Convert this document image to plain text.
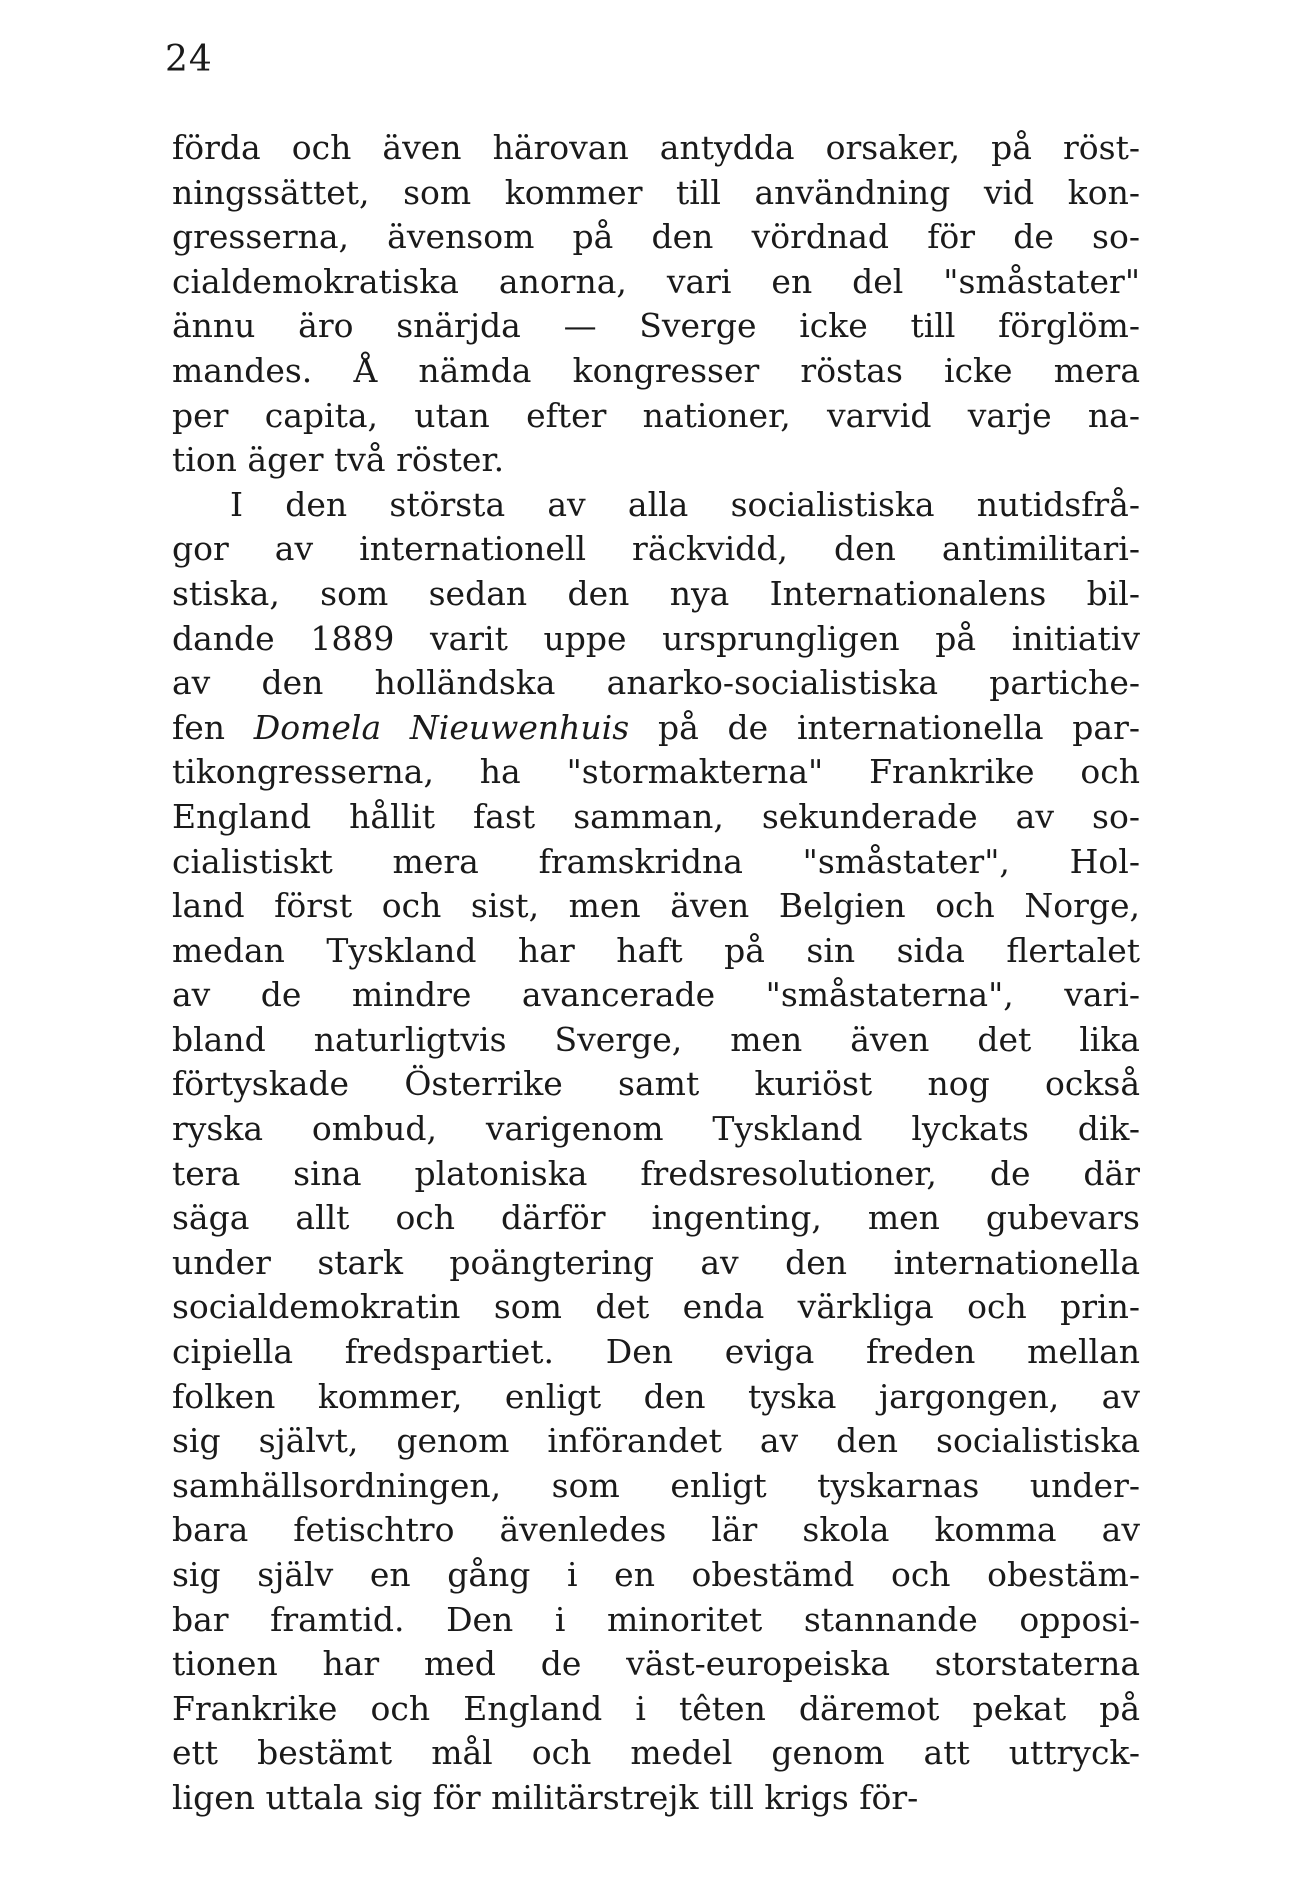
24
förda och även härovan antydda orsaker, på röst-
ningssättet, som kommer till användning vid kon-
gresserna, ävensom på den vördnad för de so-
cialdemokratiska anorna, vari en del "småstater"
ännu äro snärjda — Sverge icke till förglöm-
mandes. Å nämda kongresser röstas icke mera
per capita, utan efter nationer, varvid varje na-
tion äger två röster.
I den största av alla socialistiska nutidsfrå-
gor av internationell räckvidd, den antimilitari-
stiska, som sedan den nya Internationalens bil-
dande 1889 varit uppe ursprungligen på initiativ
av den holländska anarko-socialistiska partiche-
fen Domela Nieuwenhuis på de internationella par-
tikongresserna, ha "stormakterna" Frankrike och
England hållit fast samman, sekunderade av so-
cialistiskt mera framskridna "småstater", Hol-
land först och sist, men även Belgien och Norge,
medan Tyskland har haft på sin sida flertalet
av de mindre avancerade "småstaterna", vari-
bland naturligtvis Sverge, men även det lika
förtyskade Österrike samt kuriöst nog också
ryska ombud, varigenom Tyskland lyckats dik-
tera sina platoniska fredsresolutioner, de där
säga allt och därför ingenting, men gubevars
under stark poängtering av den internationella
socialdemokratin som det enda värkliga och prin-
cipiella fredspartiet. Den eviga freden mellan
folken kommer, enligt den tyska jargongen, av
sig självt, genom införandet av den socialistiska
samhällsordningen, som enligt tyskarnas under-
bara fetischtro ävenledes lär skola komma av
sig själv en gång i en obestämd och obestäm-
bar framtid. Den i minoritet stannande opposi-
tionen har med de väst-europeiska storstaterna
Frankrike och England i têten däremot pekat på
ett bestämt mål och medel genom att uttryck-
ligen uttala sig för militärstrejk till krigs för-
